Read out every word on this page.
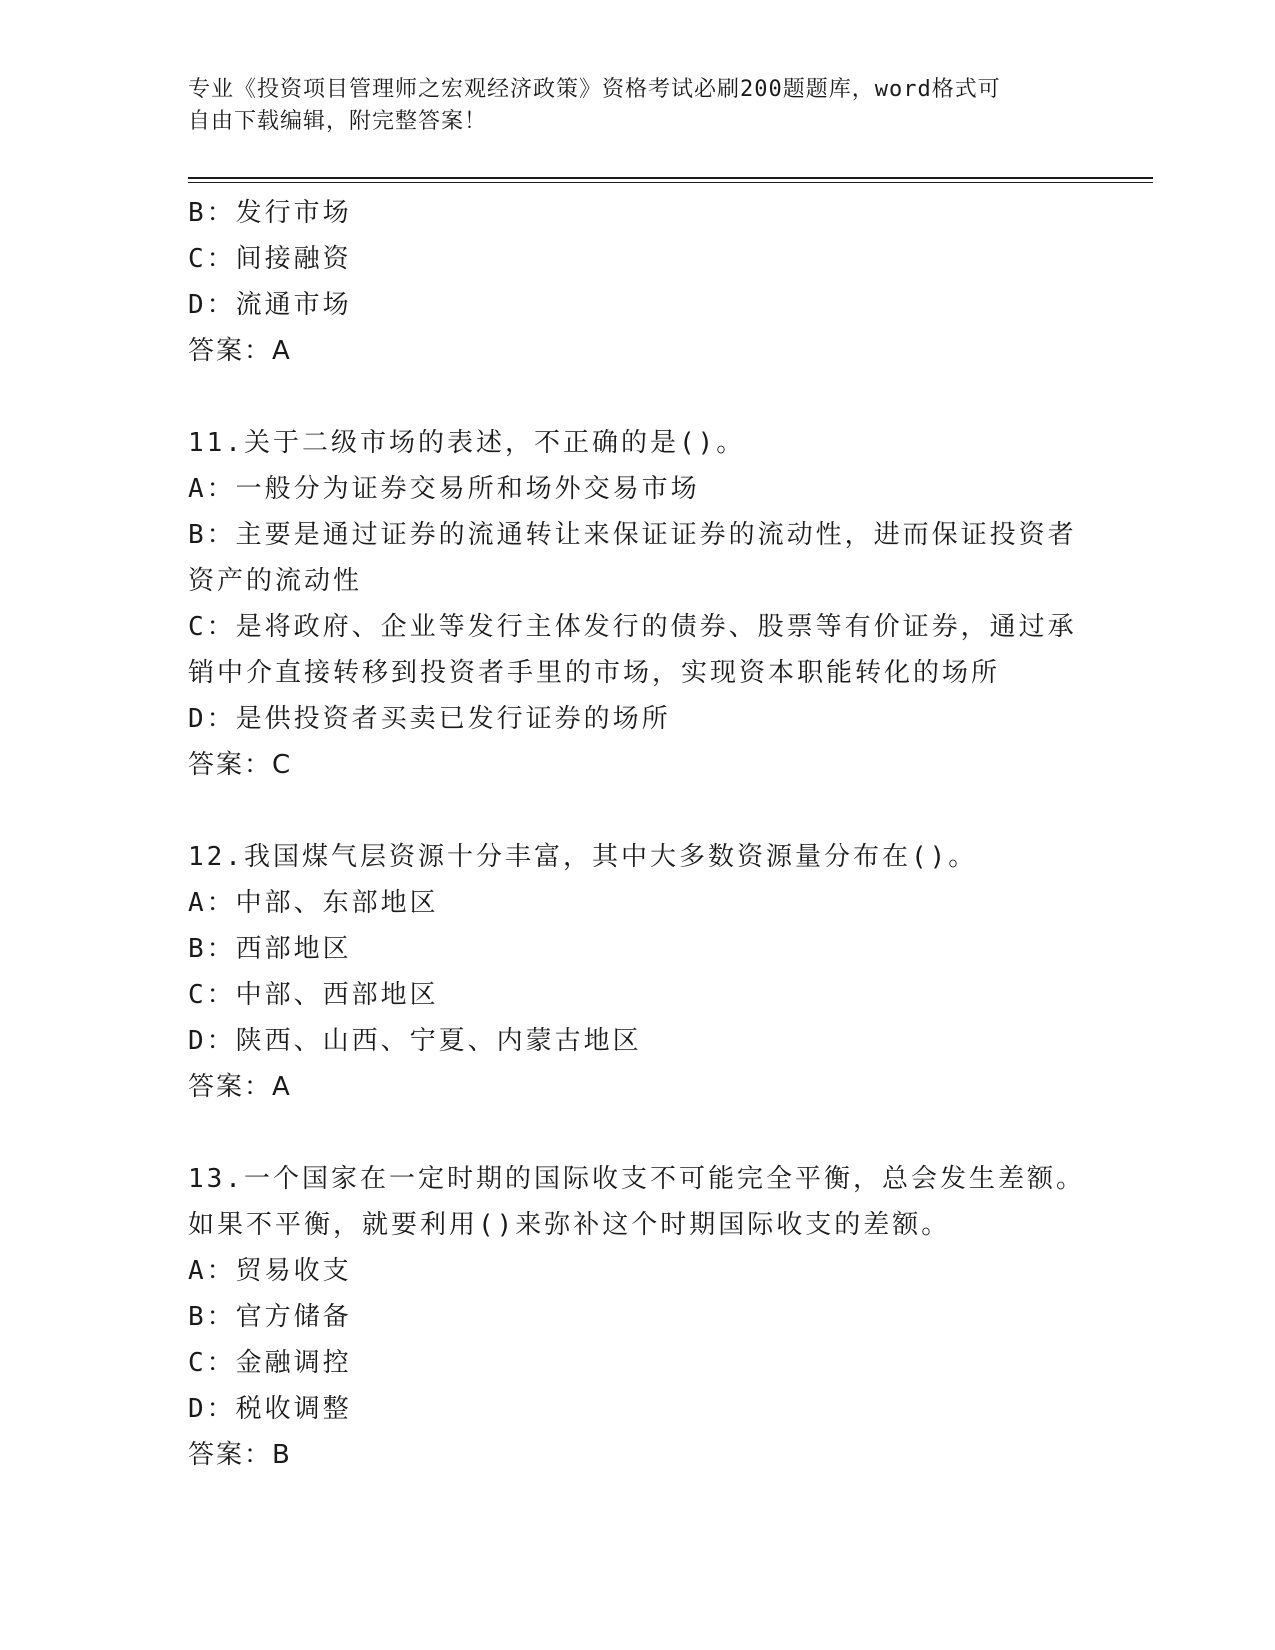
专业《投资项目管理师之宏观经济政策》资格考试必刷200题题库，word格式可
自由下载编辑，附完整答案！
B：发行市场
C：间接融资
D：流通市场
答案：A
11.关于二级市场的表述，不正确的是()。
A：一般分为证券交易所和场外交易市场
B：主要是通过证券的流通转让来保证证券的流动性，进而保证投资者
资产的流动性
C：是将政府、企业等发行主体发行的债券、股票等有价证券，通过承
销中介直接转移到投资者手里的市场，实现资本职能转化的场所
D：是供投资者买卖已发行证券的场所
答案：C
12.我国煤气层资源十分丰富，其中大多数资源量分布在()。
A：中部、东部地区
B：西部地区
C：中部、西部地区
D：陕西、山西、宁夏、内蒙古地区
答案：A
13.一个国家在一定时期的国际收支不可能完全平衡，总会发生差额。
如果不平衡，就要利用()来弥补这个时期国际收支的差额。
A：贸易收支
B：官方储备
C：金融调控
D：税收调整
答案：B
